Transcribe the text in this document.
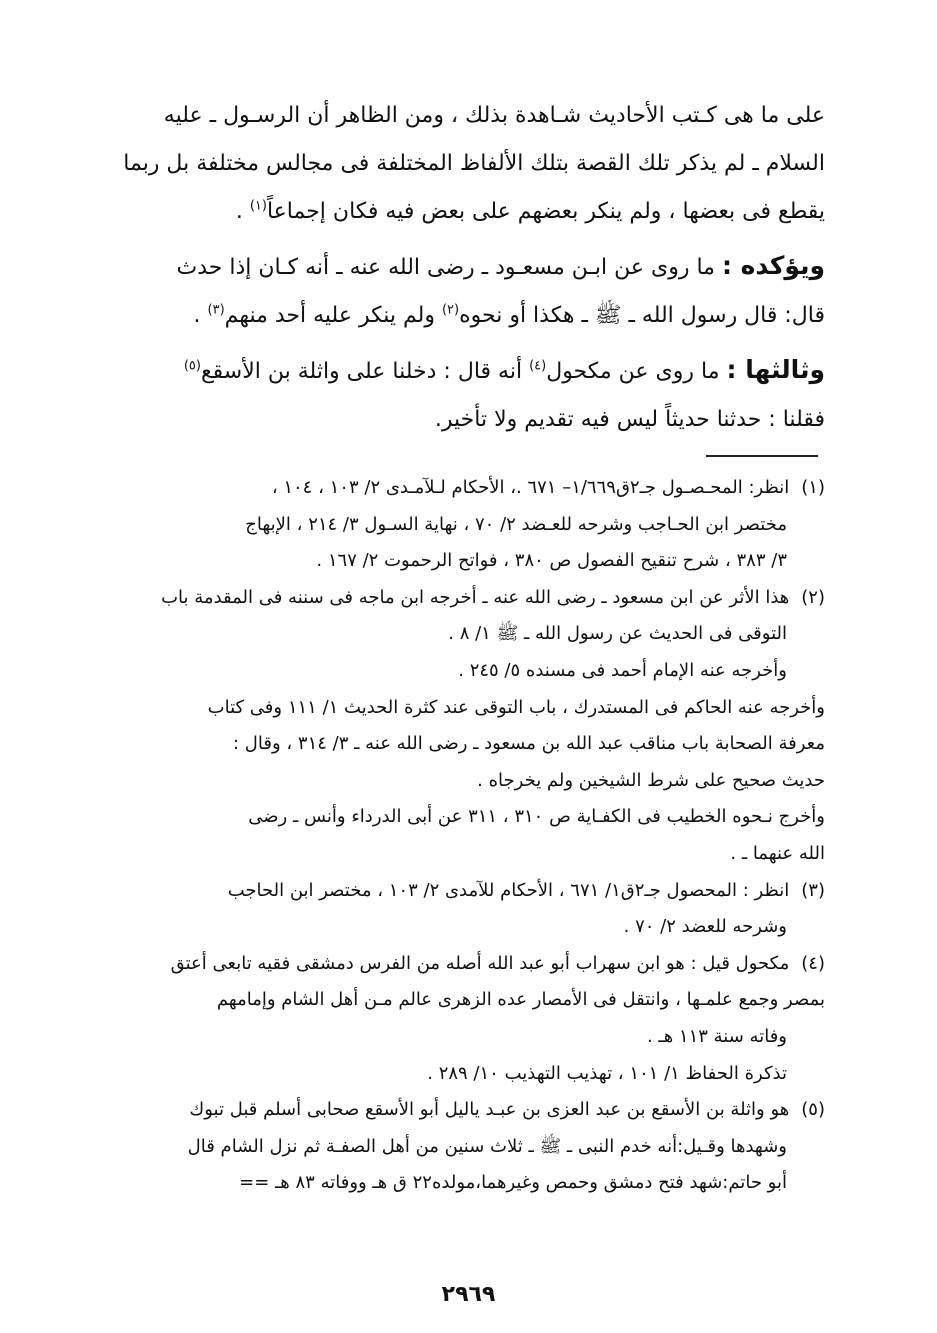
على ما هى كـتب الأحاديث شـاهدة بذلك ، ومن الظاهر أن الرسـول ـ عليه
السلام ـ لم يذكر تلك القصة بتلك الألفاظ المختلفة فى مجالس مختلفة بل ربما
يقطع فى بعضها ، ولم ينكر بعضهم على بعض فيه فكان إجماعاً$^{(١)}$ .

ويؤكده : ما روى عن ابـن مسعـود ـ رضى الله عنه ـ أنه كـان إذا حدث
قال: قال رسول الله ـ ﷺ ـ هكذا أو نحوه$^{(٢)}$ ولم ينكر عليه أحد منهم$^{(٣)}$ .

وثالثها : ما روى عن مكحول$^{(٤)}$ أنه قال : دخلنا على واثلة بن الأسقع$^{(٥)}$
فقلنا : حدثنا حديثاً ليس فيه تقديم ولا تأخير.

(١) انظر: المحـصـول جـ٢ق١/٦٦٩– ٦٧١ .، الأحكام لـلآمـدى ٢/ ١٠٣ ، ١٠٤ ،
مختصر ابن الحـاجب وشرحه للعـضد ٢/ ٧٠ ، نهاية السـول ٣/ ٢١٤ ، الإبهاج
٣/ ٣٨٣ ، شرح تنقيح الفصول ص ٣٨٠ ، فواتح الرحموت ٢/ ١٦٧ .
(٢) هذا الأثر عن ابن مسعود ـ رضى الله عنه ـ أخرجه ابن ماجه فى سننه فى المقدمة باب
التوقى فى الحديث عن رسول الله ـ ﷺ ١/ ٨ .
وأخرجه عنه الإمام أحمد فى مسنده ٥/ ٢٤٥ .
وأخرجه عنه الحاكم فى المستدرك ، باب التوقى عند كثرة الحديث ١/ ١١١ وفى كتاب
معرفة الصحابة باب مناقب عبد الله بن مسعود ـ رضى الله عنه ـ ٣/ ٣١٤ ، وقال :
حديث صحيح على شرط الشيخين ولم يخرجاه .
وأخرج نـحوه الخطيب فى الكفـاية ص ٣١٠ ، ٣١١ عن أبى الدرداء وأنس ـ رضى
الله عنهما ـ .
(٣) انظر : المحصول جـ٢ق١/ ٦٧١ ، الأحكام للآمدى ٢/ ١٠٣ ، مختصر ابن الحاجب
وشرحه للعضد ٢/ ٧٠ .
(٤) مكحول قيل : هو ابن سهراب أبو عبد الله أصله من الفرس دمشقى فقيه تابعى أعتق
بمصر وجمع علمـها ، وانتقل فى الأمصار عده الزهرى عالم مـن أهل الشام وإمامهم
وفاته سنة ١١٣ هـ .
تذكرة الحفاظ ١/ ١٠١ ، تهذيب التهذيب ١٠/ ٢٨٩ .
(٥) هو واثلة بن الأسقع بن عبد العزى بن عبـد ياليل أبو الأسقع صحابى أسلم قبل تبوك
وشهدها وقـيل:أنه خدم النبى ـ ﷺ ـ ثلاث سنين من أهل الصفـة ثم نزل الشام قال
أبو حاتم:شهد فتح دمشق وحمص وغيرهما،مولده٢٢ ق هـ ووفاته ٨٣ هـ ==
٢٩٦٩
